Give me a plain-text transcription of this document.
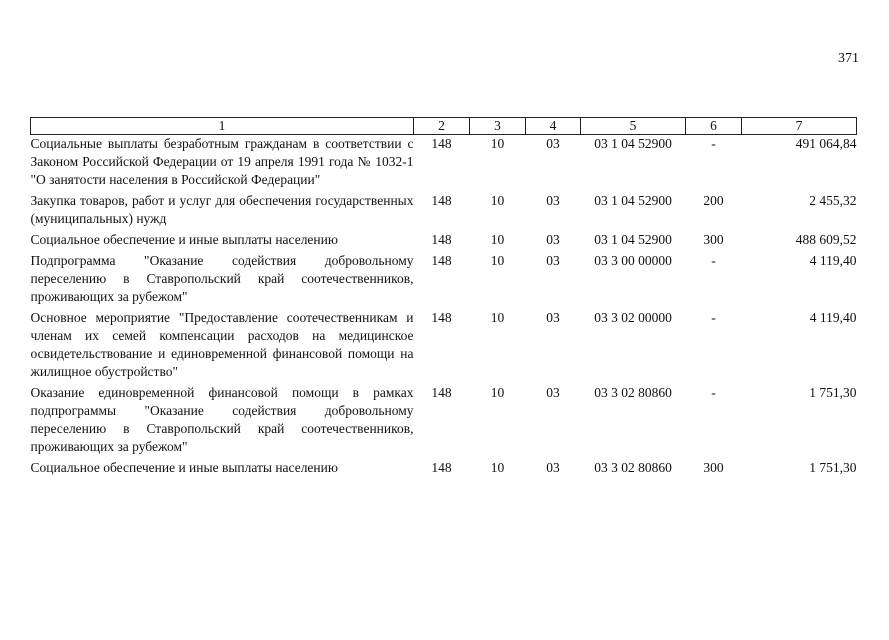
371
1	2	3	4	5	6	7
Социальные выплаты безработным гражданам в соответствии с Законом Российской Федерации от 19 апреля 1991 года № 1032-1 "О занятости населения в Российской Федерации"	148	10	03	03 1 04 52900	-	491 064,84
Закупка товаров, работ и услуг для обеспечения государственных (муниципальных) нужд	148	10	03	03 1 04 52900	200	2 455,32
Социальное обеспечение и иные выплаты населению	148	10	03	03 1 04 52900	300	488 609,52
Подпрограмма "Оказание содействия добровольному переселению в Ставропольский край соотечественников, проживающих за рубежом"	148	10	03	03 3 00 00000	-	4 119,40
Основное мероприятие "Предоставление соотечественникам и членам их семей компенсации расходов на медицинское освидетельствование и единовременной финансовой помощи на жилищное обустройство"	148	10	03	03 3 02 00000	-	4 119,40
Оказание единовременной финансовой помощи в рамках подпрограммы "Оказание содействия добровольному переселению в Ставропольский край соотечественников, проживающих за рубежом"	148	10	03	03 3 02 80860	-	1 751,30
Социальное обеспечение и иные выплаты населению	148	10	03	03 3 02 80860	300	1 751,30
